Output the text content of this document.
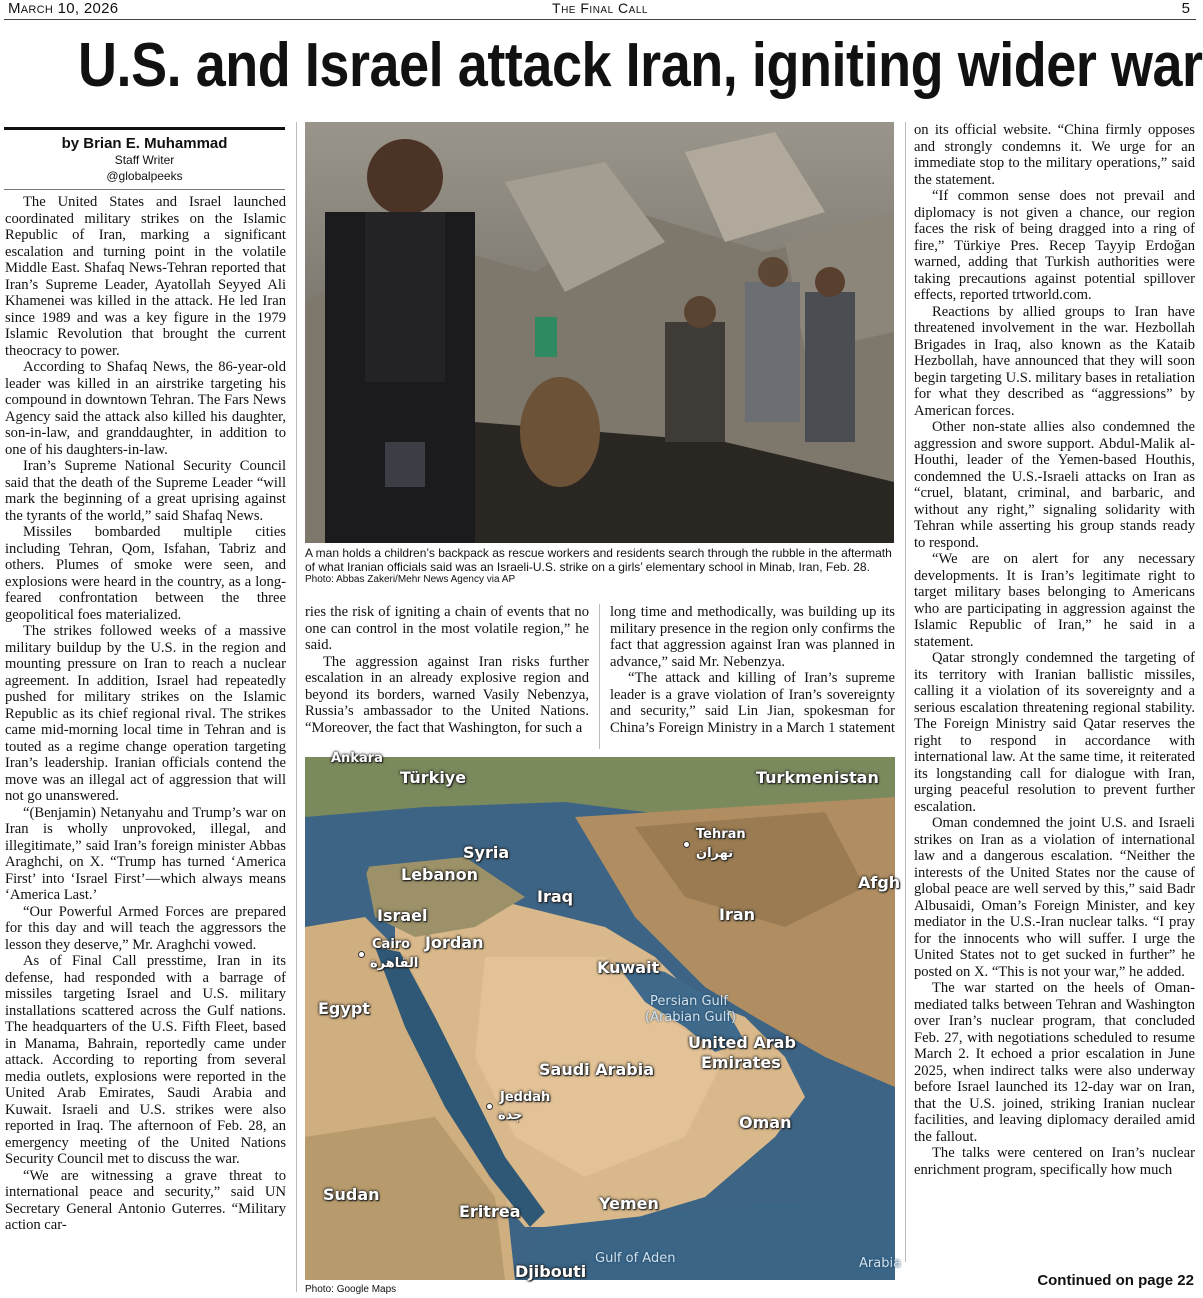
March 10, 2026	The Final Call	5
U.S. and Israel attack Iran, igniting wider war
by Brian E. Muhammad
Staff Writer
@globalpeeks

The United States and Israel launched coordinated military strikes on the Islamic Republic of Iran, marking a significant escalation and turning point in the volatile Middle East. Shafaq News-Tehran reported that Iran’s Supreme Leader, Ayatollah Seyyed Ali Khamenei was killed in the attack. He led Iran since 1989 and was a key figure in the 1979 Islamic Revolution that brought the current theocracy to power.

According to Shafaq News, the 86-year-old leader was killed in an airstrike targeting his compound in downtown Tehran. The Fars News Agency said the attack also killed his daughter, son-in-law, and granddaughter, in addition to one of his daughters-in-law.

Iran’s Supreme National Security Council said that the death of the Supreme Leader “will mark the beginning of a great uprising against the tyrants of the world,” said Shafaq News.

Missiles bombarded multiple cities including Tehran, Qom, Isfahan, Tabriz and others. Plumes of smoke were seen, and explosions were heard in the country, as a long-feared confrontation between the three geopolitical foes materialized.

The strikes followed weeks of a massive military buildup by the U.S. in the region and mounting pressure on Iran to reach a nuclear agreement. In addition, Israel had repeatedly pushed for military strikes on the Islamic Republic as its chief regional rival. The strikes came mid-morning local time in Tehran and is touted as a regime change operation targeting Iran’s leadership. Iranian officials contend the move was an illegal act of aggression that will not go unanswered.

“(Benjamin) Netanyahu and Trump’s war on Iran is wholly unprovoked, illegal, and illegitimate,” said Iran’s foreign minister Abbas Araghchi, on X. “Trump has turned ‘America First’ into ‘Israel First’—which always means ‘America Last.’

“Our Powerful Armed Forces are prepared for this day and will teach the aggressors the lesson they deserve,” Mr. Araghchi vowed.

As of Final Call presstime, Iran in its defense, had responded with a barrage of missiles targeting Israel and U.S. military installations scattered across the Gulf nations. The headquarters of the U.S. Fifth Fleet, based in Manama, Bahrain, reportedly came under attack. According to reporting from several media outlets, explosions were reported in the United Arab Emirates, Saudi Arabia and Kuwait. Israeli and U.S. strikes were also reported in Iraq. The afternoon of Feb. 28, an emergency meeting of the United Nations Security Council met to discuss the war.

“We are witnessing a grave threat to international peace and security,” said UN Secretary General Antonio Guterres. “Military action car-

A man holds a children’s backpack as rescue workers and residents search through the rubble in the aftermath of what Iranian officials said was an Israeli-U.S. strike on a girls’ elementary school in Minab, Iran, Feb. 28.
Photo: Abbas Zakeri/Mehr News Agency via AP

ries the risk of igniting a chain of events that no one can control in the most volatile region,” he said.

The aggression against Iran risks further escalation in an already explosive region and beyond its borders, warned Vasily Nebenzya, Russia’s ambassador to the United Nations. “Moreover, the fact that Washington, for such a

long time and methodically, was building up its military presence in the region only confirms the fact that aggression against Iran was planned in advance,” said Mr. Nebenzya.

“The attack and killing of Iran’s supreme leader is a grave violation of Iran’s sovereignty and security,” said Lin Jian, spokesman for China’s Foreign Ministry in a March 1 statement

Ankara
Türkiye	Turkmenistan
Tehran
تهران
Syria
Lebanon	Afgh
Iraq
Israel	Iran
Cairo
القاهرة
Jordan
Kuwait
Egypt	Persian Gulf
(Arabian Gulf)
United Arab
Emirates
Saudi Arabia
Jeddah
جدة	Oman
Sudan
Eritrea	Yemen
Gulf of Aden
Djibouti	Arabia
Photo: Google Maps

on its official website. “China firmly opposes and strongly condemns it. We urge for an immediate stop to the military operations,” said the statement.

“If common sense does not prevail and diplomacy is not given a chance, our region faces the risk of being dragged into a ring of fire,” Türkiye Pres. Recep Tayyip Erdoğan warned, adding that Turkish authorities were taking precautions against potential spillover effects, reported trtworld.com.

Reactions by allied groups to Iran have threatened involvement in the war. Hezbollah Brigades in Iraq, also known as the Kataib Hezbollah, have announced that they will soon begin targeting U.S. military bases in retaliation for what they described as “aggressions” by American forces.

Other non-state allies also condemned the aggression and swore support. Abdul-Malik al-Houthi, leader of the Yemen-based Houthis, condemned the U.S.-Israeli attacks on Iran as “cruel, blatant, criminal, and barbaric, and without any right,” signaling solidarity with Tehran while asserting his group stands ready to respond.

“We are on alert for any necessary developments. It is Iran’s legitimate right to target military bases belonging to Americans who are participating in aggression against the Islamic Republic of Iran,” he said in a statement.

Qatar strongly condemned the targeting of its territory with Iranian ballistic missiles, calling it a violation of its sovereignty and a serious escalation threatening regional stability. The Foreign Ministry said Qatar reserves the right to respond in accordance with international law. At the same time, it reiterated its longstanding call for dialogue with Iran, urging peaceful resolution to prevent further escalation.

Oman condemned the joint U.S. and Israeli strikes on Iran as a violation of international law and a dangerous escalation. “Neither the interests of the United States nor the cause of global peace are well served by this,” said Badr Albusaidi, Oman’s Foreign Minister, and key mediator in the U.S.-Iran nuclear talks. “I pray for the innocents who will suffer. I urge the United States not to get sucked in further” he posted on X. “This is not your war,” he added.

The war started on the heels of Oman-mediated talks between Tehran and Washington over Iran’s nuclear program, that concluded Feb. 27, with negotiations scheduled to resume March 2. It echoed a prior escalation in June 2025, when indirect talks were also underway before Israel launched its 12-day war on Iran, that the U.S. joined, striking Iranian nuclear facilities, and leaving diplomacy derailed amid the fallout.

The talks were centered on Iran’s nuclear enrichment program, specifically how much

Continued on page 22
